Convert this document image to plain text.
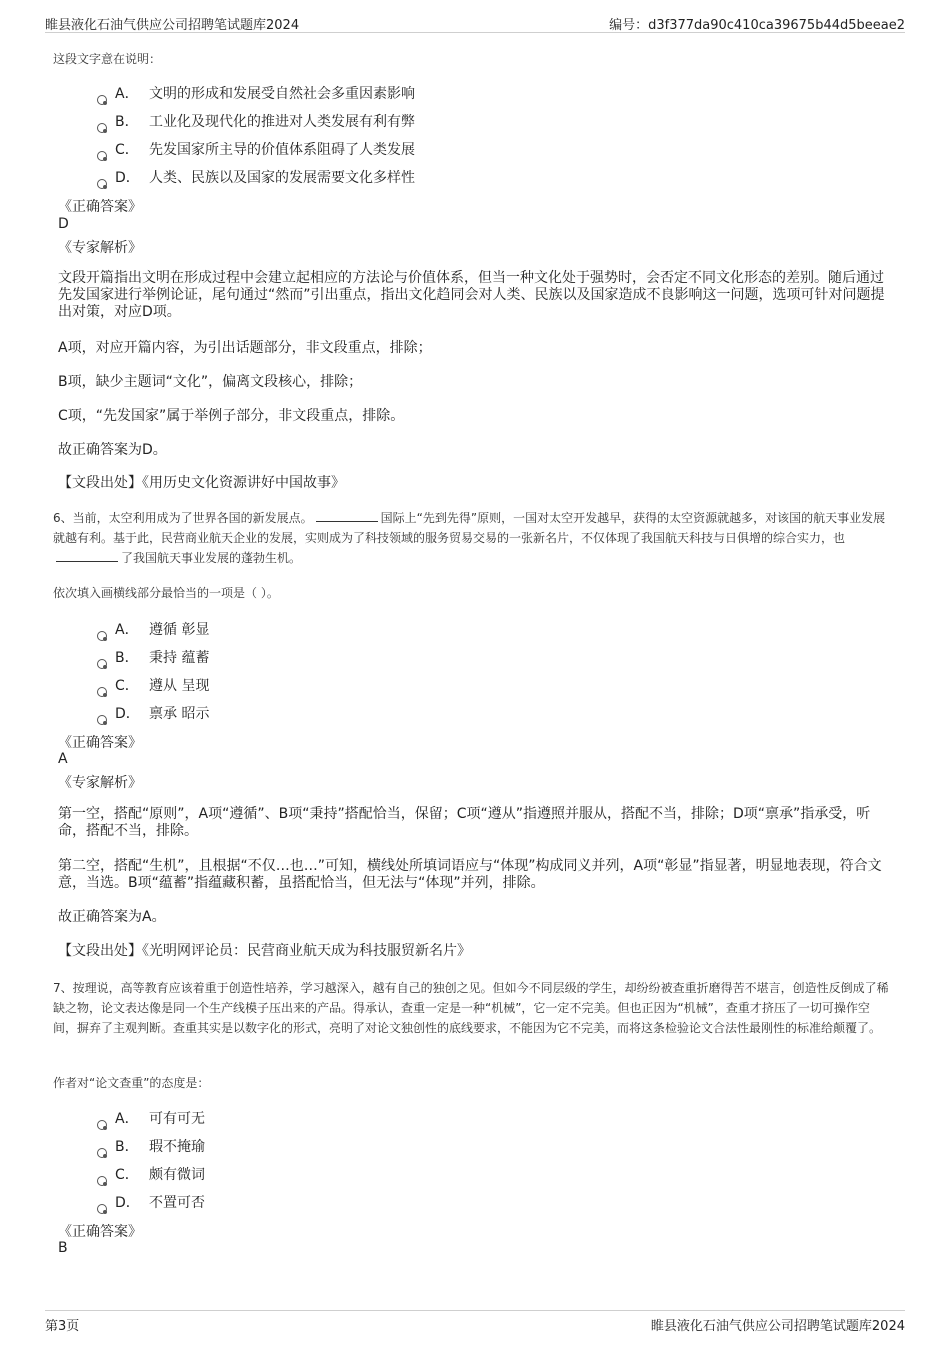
睢县液化石油气供应公司招聘笔试题库2024	编号：d3f377da90c410ca39675b44d5beeae2
这段文字意在说明：
A． 文明的形成和发展受自然社会多重因素影响
B． 工业化及现代化的推进对人类发展有利有弊
C． 先发国家所主导的价值体系阻碍了人类发展
D． 人类、民族以及国家的发展需要文化多样性
《正确答案》
D
《专家解析》
文段开篇指出文明在形成过程中会建立起相应的方法论与价值体系，但当一种文化处于强势时，会否定不同文化形态的差别。随后通过先发国家进行举例论证，尾句通过“然而”引出重点，指出文化趋同会对人类、民族以及国家造成不良影响这一问题，选项可针对问题提出对策，对应D项。
A项，对应开篇内容，为引出话题部分，非文段重点，排除；
B项，缺少主题词“文化”，偏离文段核心，排除；
C项，“先发国家”属于举例子部分，非文段重点，排除。
故正确答案为D。
【文段出处】《用历史文化资源讲好中国故事》
6、当前，太空利用成为了世界各国的新发展点。	国际上“先到先得”原则，一国对太空开发越早，获得的太空资源就越多，对该国的航天事业发展就越有利。基于此，民营商业航天企业的发展，实则成为了科技领域的服务贸易交易的一张新名片，不仅体现了我国航天科技与日俱增的综合实力，也了我国航天事业发展的蓬勃生机。
依次填入画横线部分最恰当的一项是（ ）。
A． 遵循 彰显
B． 秉持 蕴蓄
C． 遵从 呈现
D． 禀承 昭示
《正确答案》
A
《专家解析》
第一空，搭配“原则”，A项“遵循”、B项“秉持”搭配恰当，保留；C项“遵从”指遵照并服从，搭配不当，排除；D项“禀承”指承受，听命，搭配不当，排除。
第二空，搭配“生机”，且根据“不仅…也…”可知，横线处所填词语应与“体现”构成同义并列，A项“彰显”指显著，明显地表现，符合文意，当选。B项“蕴蓄”指蕴藏积蓄，虽搭配恰当，但无法与“体现”并列，排除。
故正确答案为A。
【文段出处】《光明网评论员：民营商业航天成为科技服贸新名片》
7、按理说，高等教育应该着重于创造性培养，学习越深入，越有自己的独创之见。但如今不同层级的学生，却纷纷被查重折磨得苦不堪言，创造性反倒成了稀缺之物，论文表达像是同一个生产线模子压出来的产品。得承认，查重一定是一种“机械”，它一定不完美。但也正因为“机械”，查重才挤压了一切可操作空间，摒弃了主观判断。查重其实是以数字化的形式，亮明了对论文独创性的底线要求，不能因为它不完美，而将这条检验论文合法性最刚性的标准给颠覆了。
作者对“论文查重”的态度是：
A． 可有可无
B． 瑕不掩瑜
C． 颇有微词
D． 不置可否
《正确答案》
B
第3页	睢县液化石油气供应公司招聘笔试题库2024
